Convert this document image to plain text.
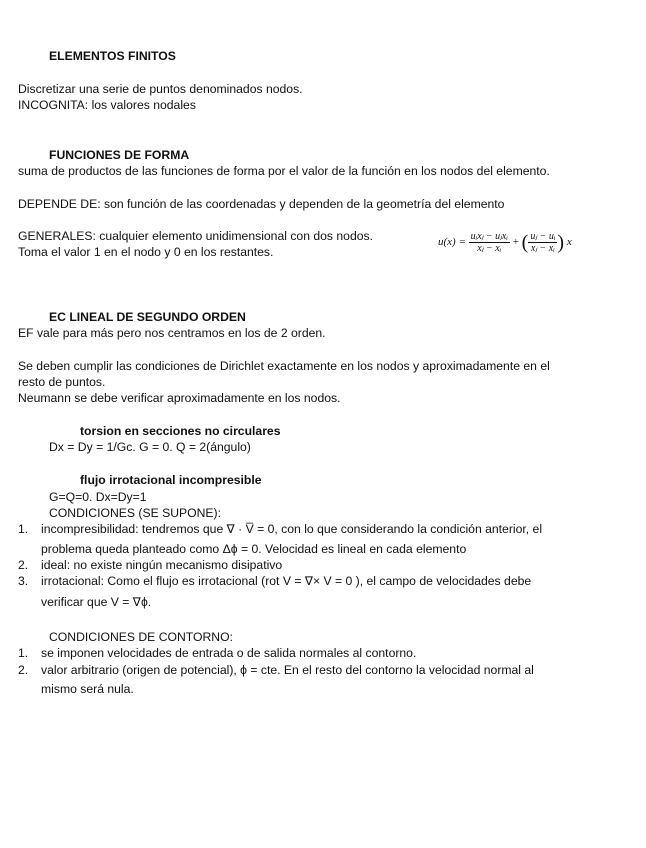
ELEMENTOS FINITOS
Discretizar una serie de puntos denominados nodos.
INCOGNITA: los valores nodales
FUNCIONES DE FORMA
suma de productos de las funciones de forma por el valor de la función en los nodos del elemento.
DEPENDE DE: son función de las coordenadas y dependen de la geometría del elemento
GENERALES: cualquier elemento unidimensional con dos nodos.
Toma el valor 1 en el nodo y 0 en los restantes.
$u(x) = \frac{\text{uᵢxⱼ − uⱼxᵢ}}{\text{xⱼ − xᵢ}}$ + ( $\frac{\text{uⱼ − uᵢ}}{\text{xⱼ − xᵢ}}$ ) x
EC LINEAL DE SEGUNDO ORDEN
EF vale para más pero nos centramos en los de 2 orden.
Se deben cumplir las condiciones de Dirichlet exactamente en los nodos y aproximadamente en el
resto de puntos.
Neumann se debe verificar aproximadamente en los nodos.
torsion en secciones no circulares
Dx = Dy = 1/Gc. G = 0. Q = 2(ángulo)
flujo irrotacional incompresible
G=Q=0. Dx=Dy=1
CONDICIONES (SE SUPONE):
1. incompresibilidad: tendremos que ∇ · V̅ = 0, con lo que considerando la condición anterior, el
problema queda planteado como Δϕ = 0. Velocidad es lineal en cada elemento
2. ideal: no existe ningún mecanismo disipativo
3. irrotacional: Como el flujo es irrotacional (rot V = ∇× V = 0 ), el campo de velocidades debe
verificar que V = ∇ϕ.
CONDICIONES DE CONTORNO:
1. se imponen velocidades de entrada o de salida normales al contorno.
2. valor arbitrario (origen de potencial), ϕ = cte. En el resto del contorno la velocidad normal al
mismo será nula.
